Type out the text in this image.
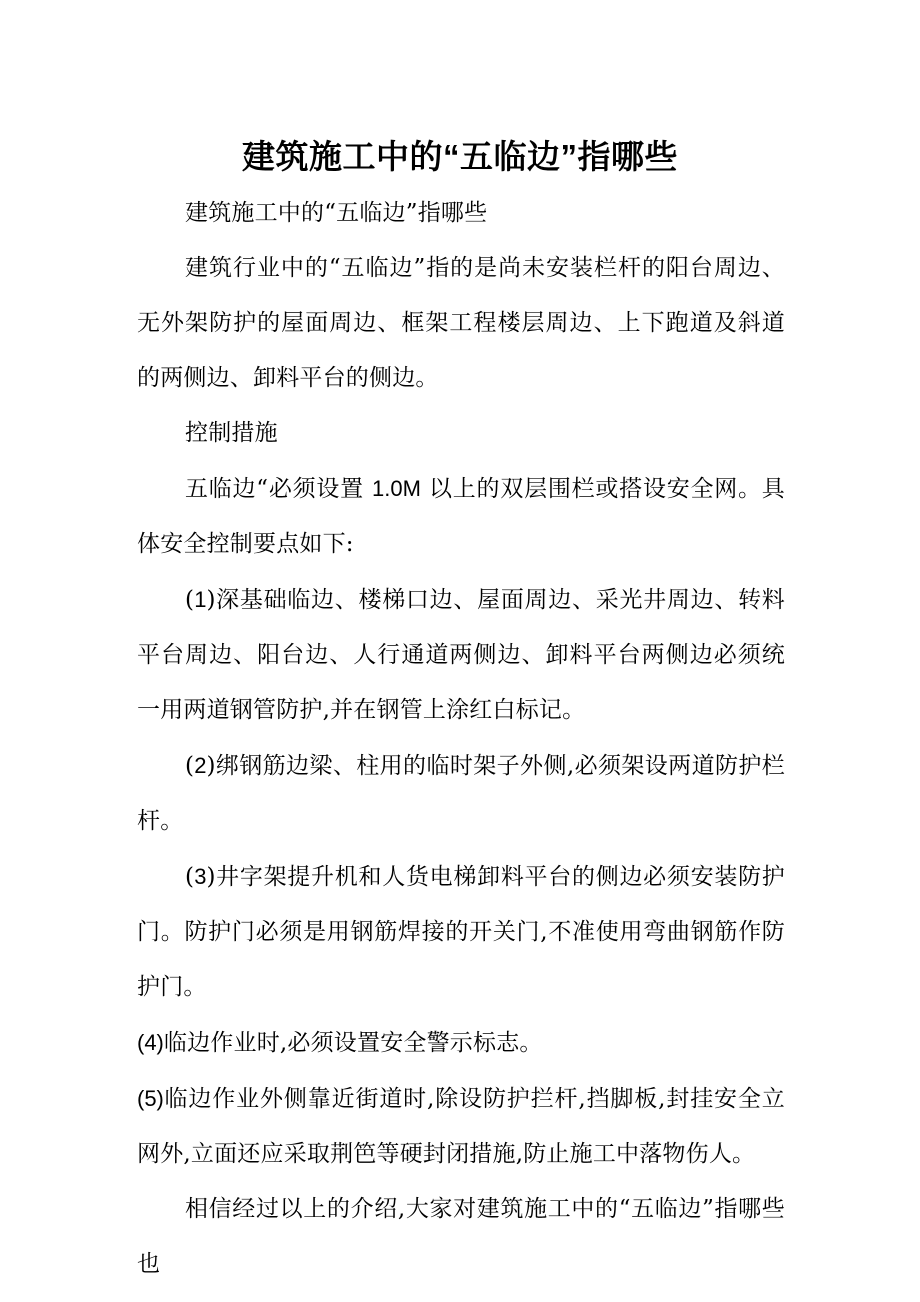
建筑施工中的“五临边”指哪些

建筑施工中的“五临边”指哪些

建筑行业中的“五临边”指的是尚未安装栏杆的阳台周边、无外架防护的屋面周边、框架工程楼层周边、上下跑道及斜道的两侧边、卸料平台的侧边。

控制措施

五临边“必须设置 1.0M 以上的双层围栏或搭设安全网。具体安全控制要点如下:

(1)深基础临边、楼梯口边、屋面周边、采光井周边、转料平台周边、阳台边、人行通道两侧边、卸料平台两侧边必须统一用两道钢管防护,并在钢管上涂红白标记。

(2)绑钢筋边梁、柱用的临时架子外侧,必须架设两道防护栏杆。

(3)井字架提升机和人货电梯卸料平台的侧边必须安装防护门。防护门必须是用钢筋焊接的开关门,不准使用弯曲钢筋作防护门。

(4)临边作业时,必须设置安全警示标志。

(5)临边作业外侧靠近街道时,除设防护拦杆,挡脚板,封挂安全立网外,立面还应采取荆笆等硬封闭措施,防止施工中落物伤人。

相信经过以上的介绍,大家对建筑施工中的“五临边”指哪些也
